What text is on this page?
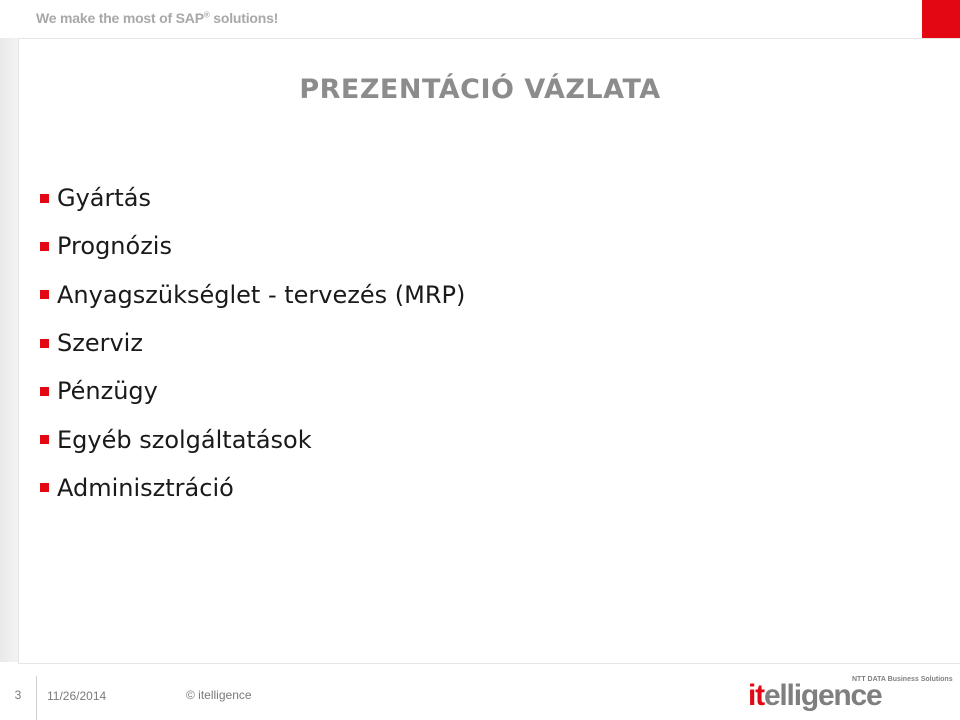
We make the most of SAP® solutions!
PREZENTÁCIÓ VÁZLATA
Gyártás
Prognózis
Anyagszükséglet - tervezés (MRP)
Szerviz
Pénzügy
Egyéb szolgáltatások
Adminisztráció
3	11/26/2014	© itelligence
NTT DATA Business Solutions
itelligence
